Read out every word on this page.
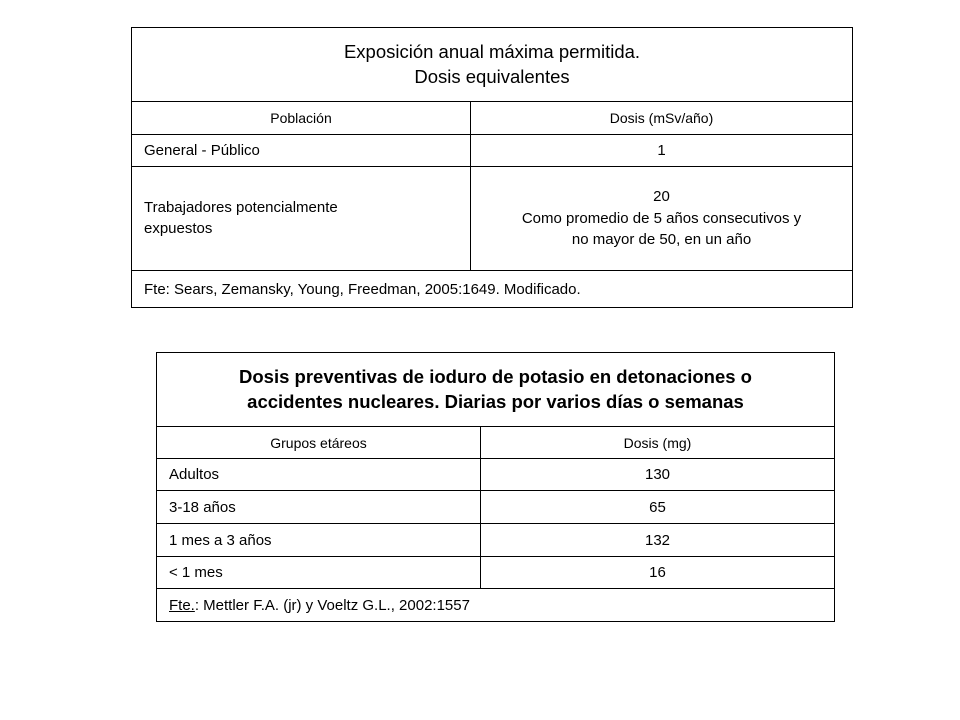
Exposición anual máxima permitida.
Dosis equivalentes	
Población	Dosis (mSv/año)
General - Público	1

Trabajadores potencialmente
expuestos	20
Como promedio de 5 años consecutivos y
no mayor de 50, en un año

Fte: Sears, Zemansky, Young, Freedman, 2005:1649. Modificado.	
Dosis preventivas de ioduro de potasio en detonaciones o
accidentes nucleares. Diarias por varios días o semanas	
Grupos etáreos	Dosis (mg)
Adultos	130
3-18 años	65
1 mes a 3 años	132
< 1 mes	16
Fte.: Mettler F.A. (jr) y Voeltz G.L., 2002:1557	
